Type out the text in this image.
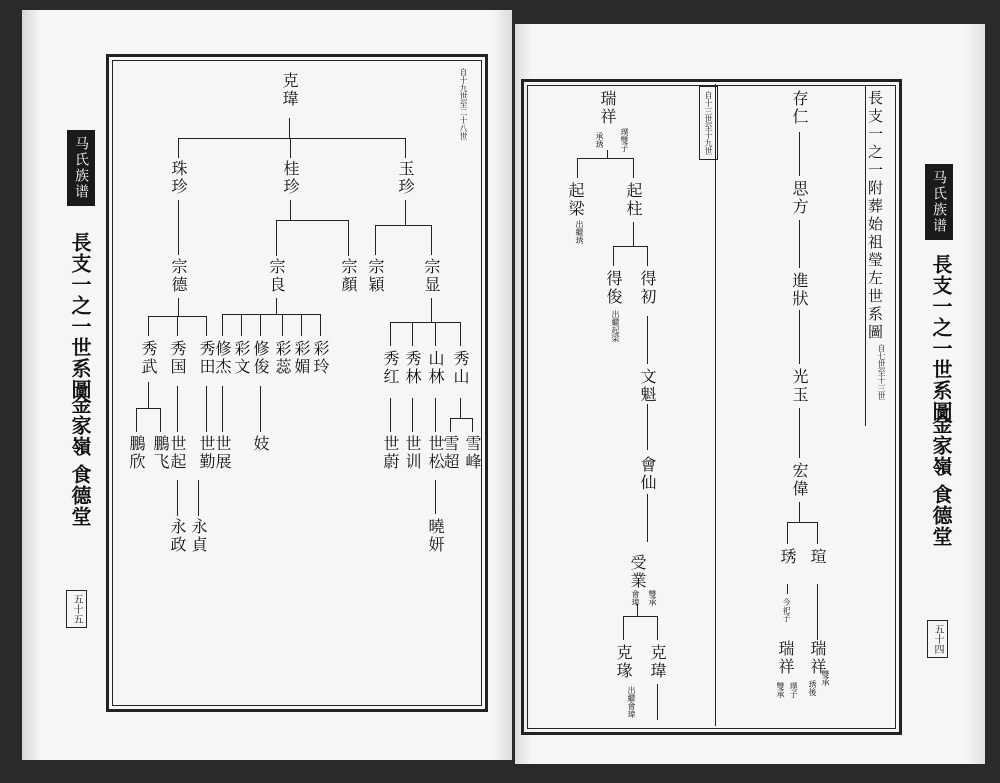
马氏族谱
長支一之一世系圖
金家嶺
食德堂
五十五
自十九世至二十八世
克瑋
珠珍	桂珍	玉珍
宗德	宗良	宗顏 宗穎 宗显
秀武 秀国 秀田
修杰 彩文 修俊 彩蕊 彩媚 彩玲	秀红 秀林 山林 秀山
鵬欣 鵬飞
世起 世勤
世展 妓	世蔚 世训 世松
雪超 雪峰
永政 永貞	曉妍
自十三世至十九世	長支一之一附葬始祖瑩左世系圖
自七世至十三世
马氏族谱
長支一之一世系圖
金家嶺
食德堂
五十四
瑞祥
璞雙子
承琇
起梁
出繼琇
起柱
得俊
出繼起梁
得初
文魁
會仙
受業
雙承
會瑋
克瑑
出繼會瑋
克瑋
存仁
思方
進狀
光玉
宏偉
琇 瑄
今祀子
瑞祥
璞子
雙承
瑞祥
琇後
雙承
